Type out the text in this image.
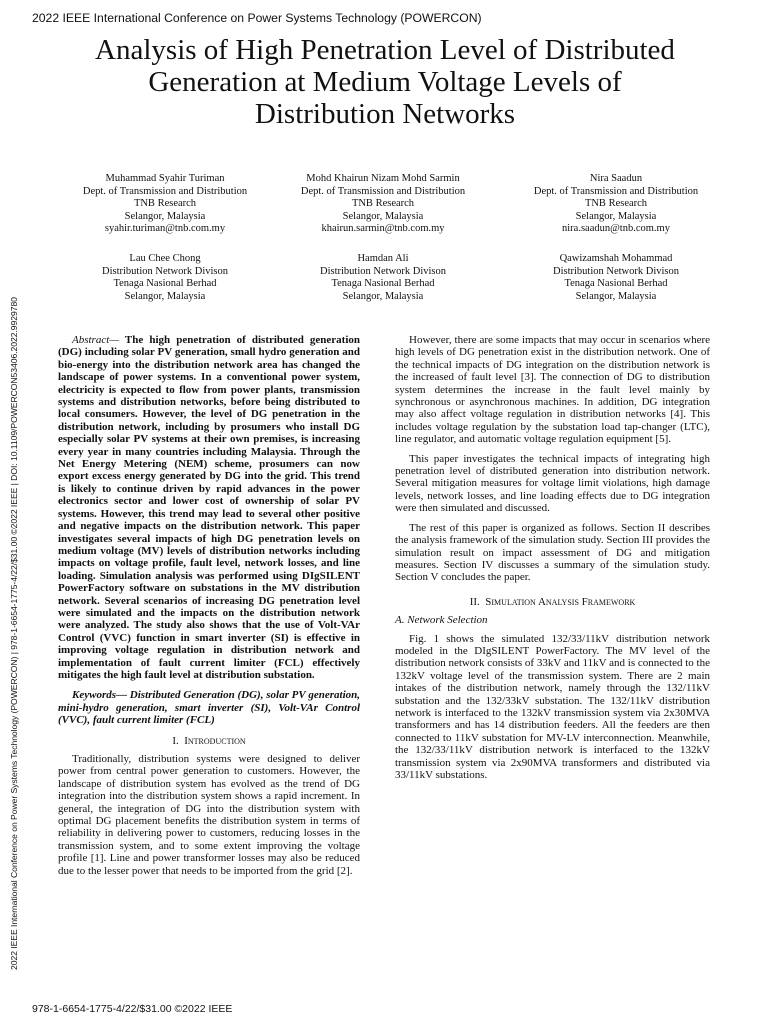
2022 IEEE International Conference on Power Systems Technology (POWERCON)
Analysis of High Penetration Level of Distributed
Generation at Medium Voltage Levels of
Distribution Networks
Muhammad Syahir Turiman
Dept. of Transmission and Distribution
TNB Research
Selangor, Malaysia
syahir.turiman@tnb.com.my
Mohd Khairun Nizam Mohd Sarmin
Dept. of Transmission and Distribution
TNB Research
Selangor, Malaysia
khairun.sarmin@tnb.com.my
Nira Saadun
Dept. of Transmission and Distribution
TNB Research
Selangor, Malaysia
nira.saadun@tnb.com.my
Lau Chee Chong
Distribution Network Divison
Tenaga Nasional Berhad
Selangor, Malaysia
Hamdan Ali
Distribution Network Divison
Tenaga Nasional Berhad
Selangor, Malaysia
Qawizamshah Mohammad
Distribution Network Divison
Tenaga Nasional Berhad
Selangor, Malaysia
2022 IEEE International Conference on Power Systems Technology (POWERCON) | 978-1-6654-1775-4/22/$31.00 ©2022 IEEE | DOI: 10.1109/POWERCON53406.2022.9929780	Abstract— The high penetration of distributed generation (DG) including solar PV generation, small hydro generation and bio-energy into the distribution network area has changed the landscape of power systems. In a conventional power system, electricity is expected to flow from power plants, transmission systems and distribution networks, before being distributed to local consumers. However, the level of DG penetration in the distribution network, including by prosumers who install DG especially solar PV systems at their own premises, is increasing every year in many countries including Malaysia. Through the Net Energy Metering (NEM) scheme, prosumers can now export excess energy generated by DG into the grid. This trend is likely to continue driven by rapid advances in the power electronics sector and lower cost of ownership of solar PV systems. However, this trend may lead to several other positive and negative impacts on the distribution network. This paper investigates several impacts of high DG penetration levels on medium voltage (MV) levels of distribution networks including impacts on voltage profile, fault level, network losses, and line loading. Simulation analysis was performed using DIgSILENT PowerFactory software on substations in the MV distribution network. Several scenarios of increasing DG penetration level were simulated and the impacts on the distribution network were analyzed. The study also shows that the use of Volt-VAr Control (VVC) function in smart inverter (SI) is effective in improving voltage regulation in distribution network and implementation of fault current limiter (FCL) effectively mitigates the high fault level at distribution substation.

Keywords— Distributed Generation (DG), solar PV generation, mini-hydro generation, smart inverter (SI), Volt-VAr Control (VVC), fault current limiter (FCL)

I. Introduction

Traditionally, distribution systems were designed to deliver power from central power generation to customers. However, the landscape of distribution system has evolved as the trend of DG integration into the distribution system shows a rapid increment. In general, the integration of DG into the distribution system with optimal DG placement benefits the distribution system in terms of reliability in delivering power to customers, reducing losses in the transmission system, and to some extent improving the voltage profile [1]. Line and power transformer losses may also be reduced due to the lesser power that needs to be imported from the grid [2].

However, there are some impacts that may occur in scenarios where high levels of DG penetration exist in the distribution network. One of the technical impacts of DG integration on the distribution network is the increased of fault level [3]. The connection of DG to distribution system determines the increase in the fault level mainly by synchronous or asynchronous machines. In addition, DG integration may also affect voltage regulation in distribution networks [4]. This includes voltage regulation by the substation load tap-changer (LTC), line regulator, and automatic voltage regulation equipment [5].

This paper investigates the technical impacts of integrating high penetration level of distributed generation into distribution network. Several mitigation measures for voltage limit violations, high damage levels, network losses, and line loading effects due to DG integration were then simulated and discussed.

The rest of this paper is organized as follows. Section II describes the analysis framework of the simulation study. Section III provides the simulation result on impact assessment of DG and mitigation measures. Section IV discusses a summary of the simulation study. Section V concludes the paper.

II. Simulation Analysis Framework
A. Network Selection

Fig. 1 shows the simulated 132/33/11kV distribution network modeled in the DIgSILENT PowerFactory. The MV level of the distribution network consists of 33kV and 11kV and is connected to the 132kV voltage level of the transmission system. There are 2 main intakes of the distribution network, namely through the 132/11kV substation and the 132/33kV substation. The 132/11kV distribution network is interfaced to the 132kV transmission system via 2x30MVA transformers and has 14 distribution feeders. All the feeders are then connected to 11kV substation for MV-LV interconnection. Meanwhile, the 132/33/11kV distribution network is interfaced to the 132kV transmission system via 2x90MVA transformers and distributed via 33/11kV substations.

978-1-6654-1775-4/22/$31.00 ©2022 IEEE
